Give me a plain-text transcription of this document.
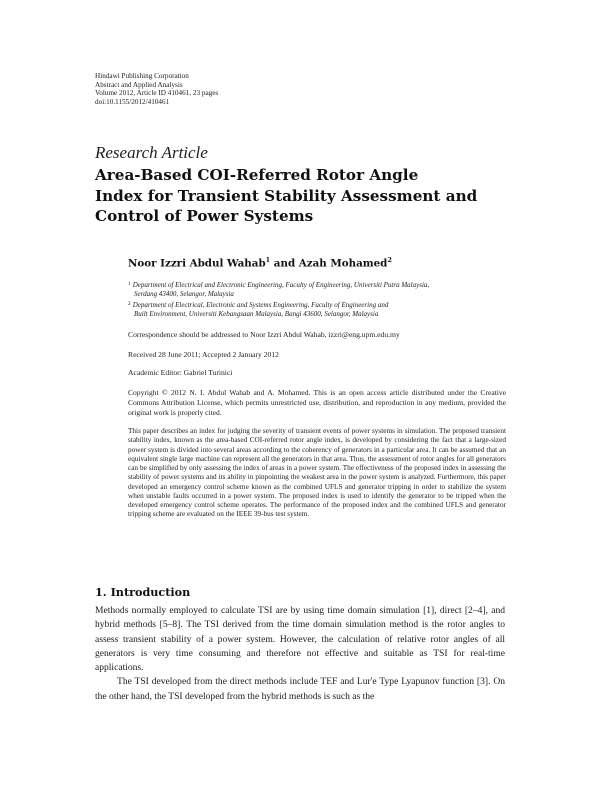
Hindawi Publishing Corporation
Abstract and Applied Analysis
Volume 2012, Article ID 410461, 23 pages
doi:10.1155/2012/410461
Research Article
Area-Based COI-Referred Rotor Angle
Index for Transient Stability Assessment and
Control of Power Systems
Noor Izzri Abdul Wahab$^1$ and Azah Mohamed$^2$
$^1$ Department of Electrical and Electronic Engineering, Faculty of Engineering, Universiti Putra Malaysia,
Serdang 43400, Selangor, Malaysia
$^2$ Department of Electrical, Electronic and Systems Engineering, Faculty of Engineering and
Built Environment, Universiti Kebangsaan Malaysia, Bangi 43600, Selangor, Malaysia
Correspondence should be addressed to Noor Izzri Abdul Wahab, izzri@eng.upm.edu.my
Received 28 June 2011; Accepted 2 January 2012
Academic Editor: Gabriel Turinici
Copyright © 2012 N. I. Abdul Wahab and A. Mohamed. This is an open access article distributed under the Creative Commons Attribution License, which permits unrestricted use, distribution, and reproduction in any medium, provided the original work is properly cited.
This paper describes an index for judging the severity of transient events of power systems in simulation. The proposed transient stability index, known as the area-based COI-referred rotor angle index, is developed by considering the fact that a large-sized power system is divided into several areas according to the coherency of generators in a particular area. It can be assumed that an equivalent single large machine can represent all the generators in that area. Thus, the assessment of rotor angles for all generators can be simplified by only assessing the index of areas in a power system. The effectiveness of the proposed index in assessing the stability of power systems and its ability in pinpointing the weakest area in the power system is analyzed. Furthermore, this paper developed an emergency control scheme known as the combined UFLS and generator tripping in order to stabilize the system when unstable faults occurred in a power system. The proposed index is used to identify the generator to be tripped when the developed emergency control scheme operates. The performance of the proposed index and the combined UFLS and generator tripping scheme are evaluated on the IEEE 39-bus test system.
1. Introduction

Methods normally employed to calculate TSI are by using time domain simulation [1], direct [2–4], and hybrid methods [5–8]. The TSI derived from the time domain simulation method is the rotor angles to assess transient stability of a power system. However, the calculation of relative rotor angles of all generators is very time consuming and therefore not effective and suitable as TSI for real-time applications.

The TSI developed from the direct methods include TEF and Lur'e Type Lyapunov function [3]. On the other hand, the TSI developed from the hybrid methods is such as the
